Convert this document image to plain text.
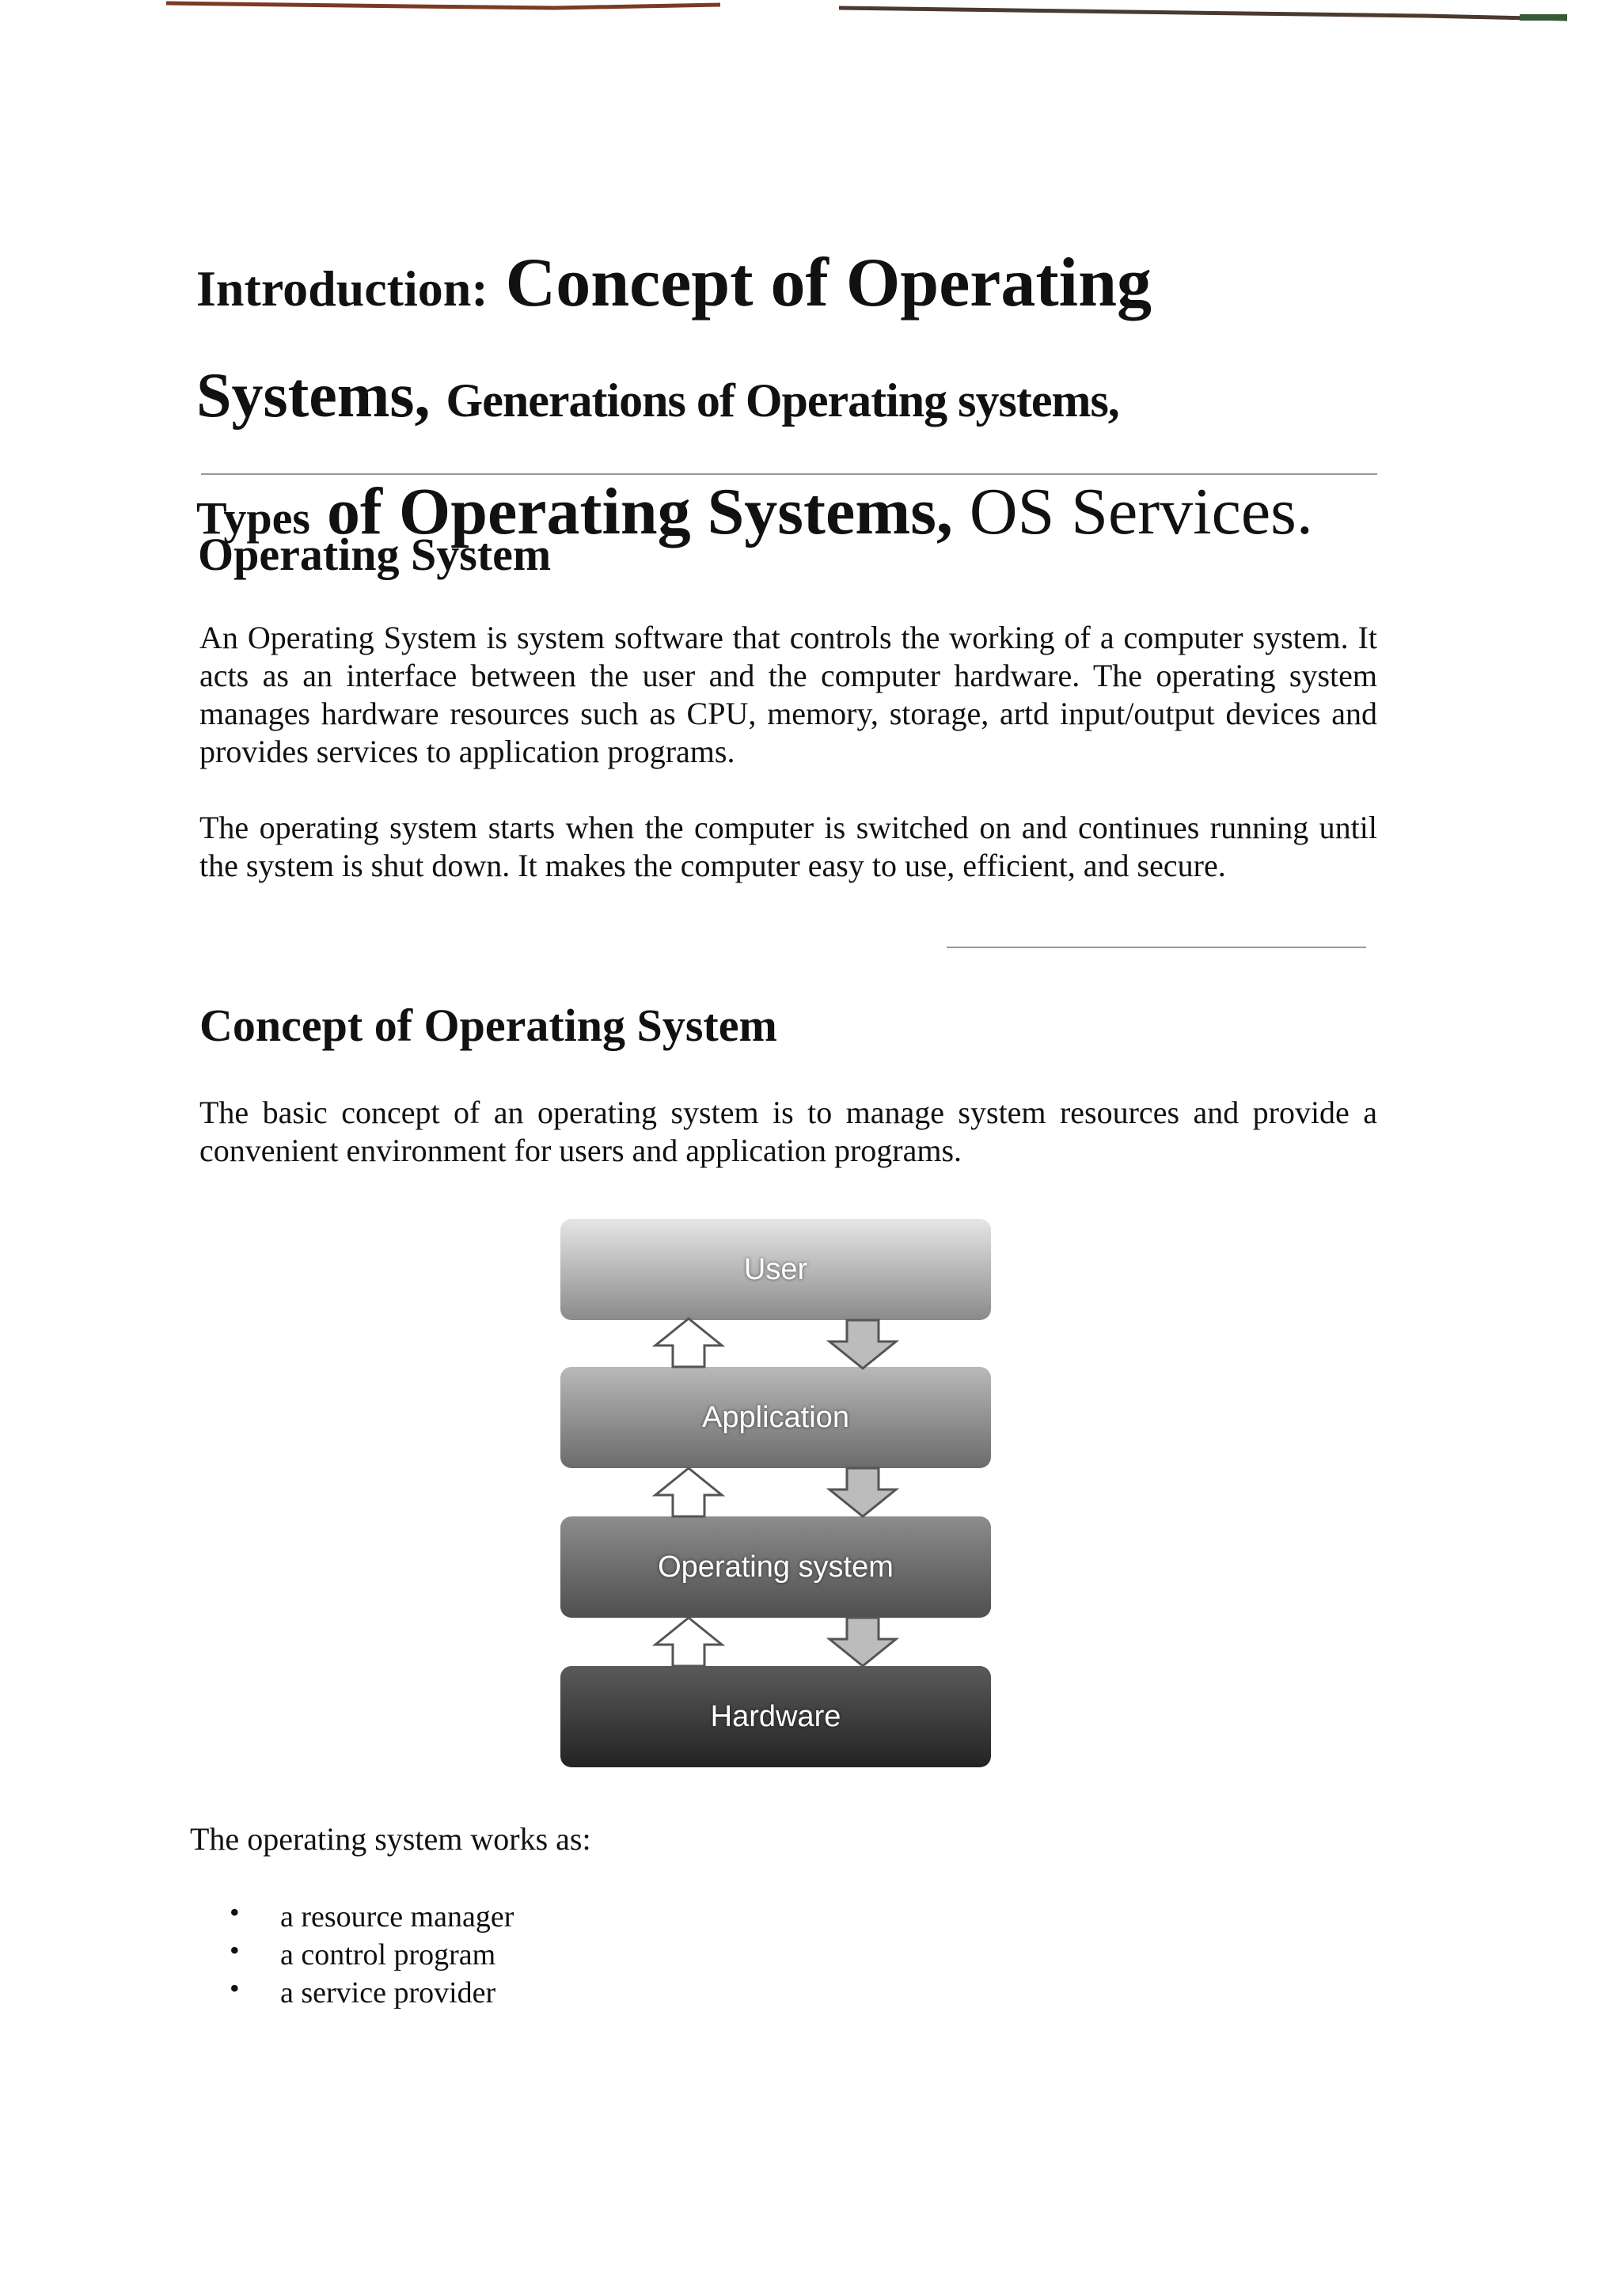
Introduction: Concept of Operating
Systems, Generations of Operating systems,
Types of Operating Systems, OS Services.
Operating System

An Operating System is system software that controls the working of a computer system. It acts as an interface between the user and the computer hardware. The operating system manages hardware resources such as CPU, memory, storage, artd input/output devices and provides services to application programs.

The operating system starts when the computer is switched on and continues running until the system is shut down. It makes the computer easy to use, efficient, and secure.

Concept of Operating System

The basic concept of an operating system is to manage system resources and provide a convenient environment for users and application programs.

User
Application
Operating system
Hardware
The operating system works as:
• a resource manager
• a control program
• a service provider
